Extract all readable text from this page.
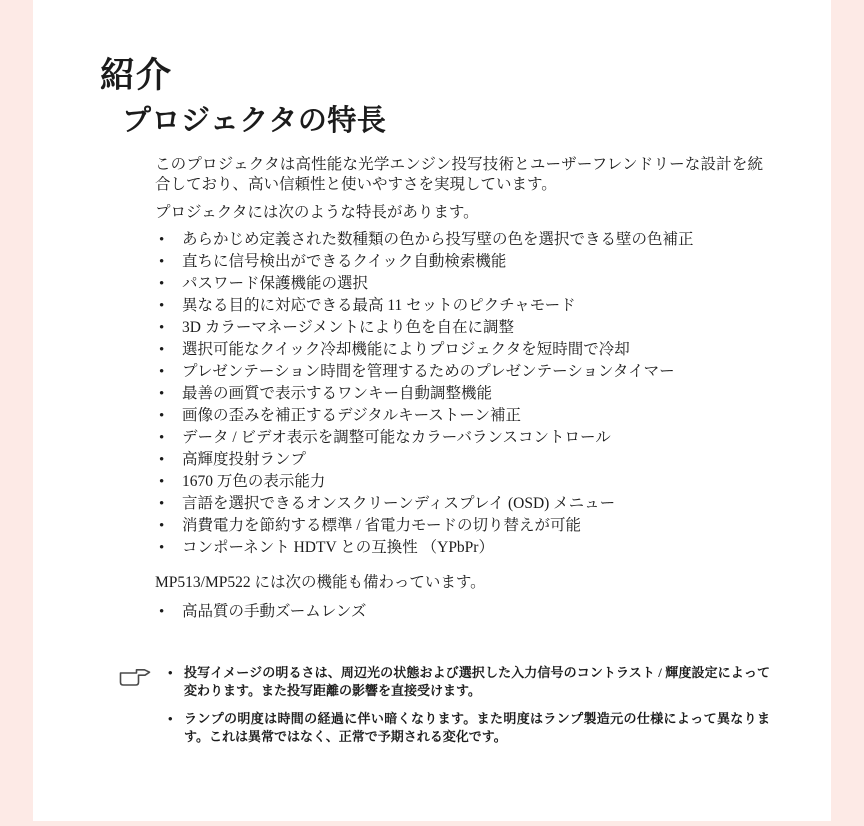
紹介
プロジェクタの特長

このプロジェクタは高性能な光学エンジン投写技術とユーザーフレンドリーな設計を統合しており、高い信頼性と使いやすさを実現しています。

プロジェクタには次のような特長があります。

• あらかじめ定義された数種類の色から投写壁の色を選択できる壁の色補正
• 直ちに信号検出ができるクイック自動検索機能
• パスワード保護機能の選択
• 異なる目的に対応できる最高 11 セットのピクチャモード
• 3D カラーマネージメントにより色を自在に調整
• 選択可能なクイック冷却機能によりプロジェクタを短時間で冷却
• プレゼンテーション時間を管理するためのプレゼンテーションタイマー
• 最善の画質で表示するワンキー自動調整機能
• 画像の歪みを補正するデジタルキーストーン補正
• データ / ビデオ表示を調整可能なカラーバランスコントロール
• 高輝度投射ランプ
• 1670 万色の表示能力
• 言語を選択できるオンスクリーンディスプレイ (OSD) メニュー
• 消費電力を節約する標準 / 省電力モードの切り替えが可能
• コンポーネント HDTV との互換性 （YPbPr）

MP513/MP522 には次の機能も備わっています。

• 高品質の手動ズームレンズ
• 投写イメージの明るさは、周辺光の状態および選択した入力信号のコントラスト / 輝度設定によって変わります。また投写距離の影響を直接受けます。
• ランプの明度は時間の経過に伴い暗くなります。また明度はランプ製造元の仕様によって異なります。これは異常ではなく、正常で予期される変化です。
